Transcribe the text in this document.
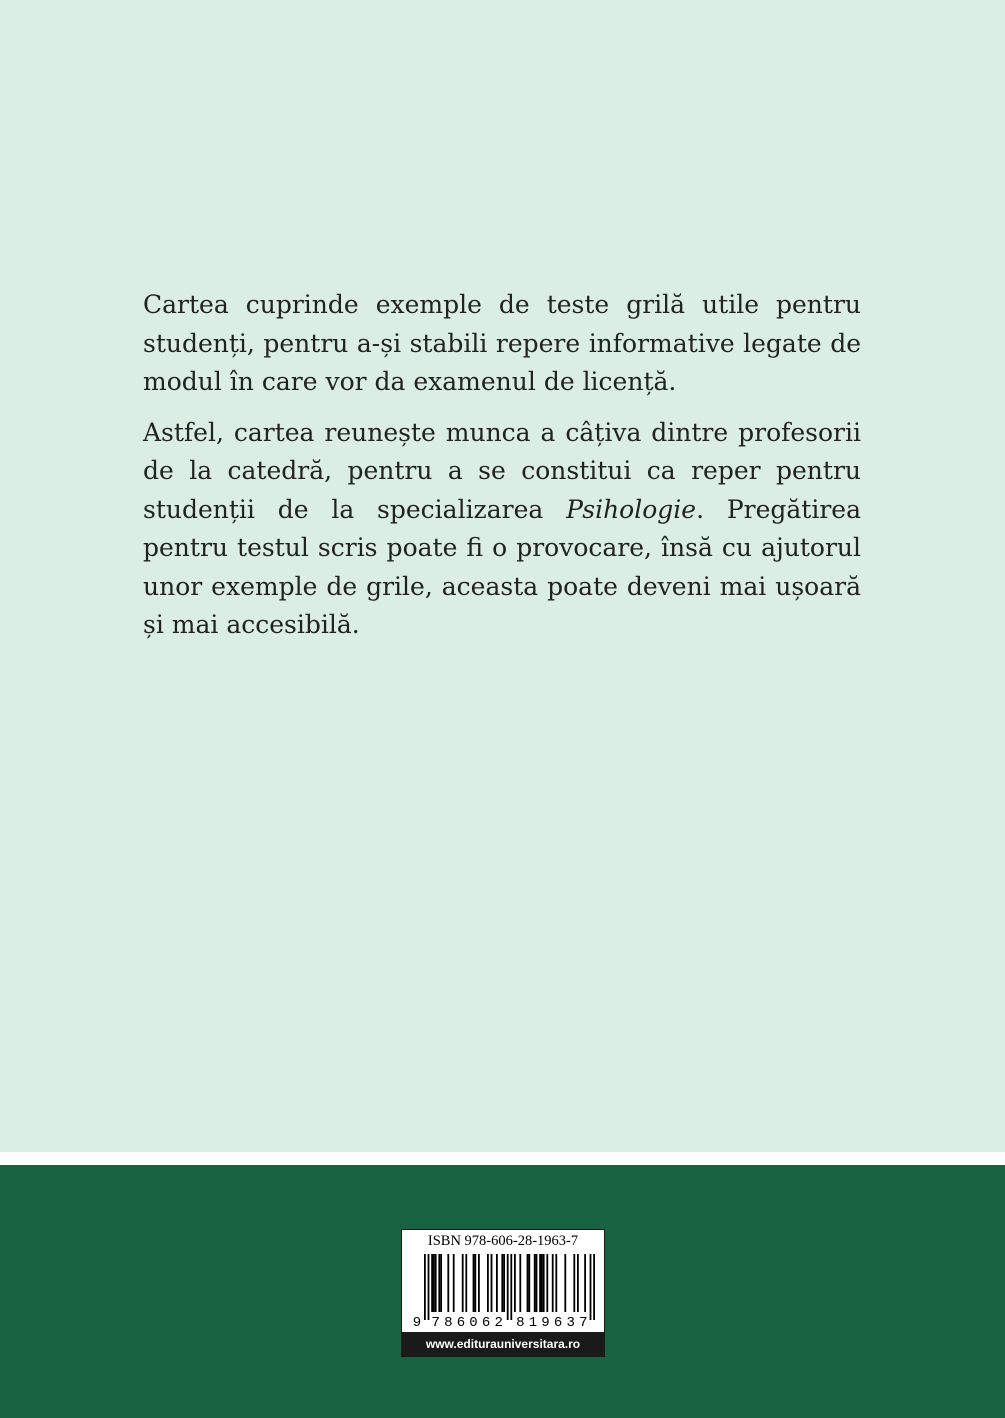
Cartea cuprinde exemple de teste grilă utile pentru studenți, pentru a-și stabili repere informative legate de modul în care vor da examenul de licență.

Astfel, cartea reunește munca a câțiva dintre profesorii de la catedră, pentru a se constitui ca reper pentru studenții de la specializarea Psihologie. Pregătirea pentru testul scris poate fi o provocare, însă cu ajutorul unor exemple de grile, aceasta poate deveni mai ușoară și mai accesibilă.

ISBN 978-606-28-1963-7
9 7 8 6 0 6 2 8 1 9 6 3 7
www.editurauniversitara.ro
